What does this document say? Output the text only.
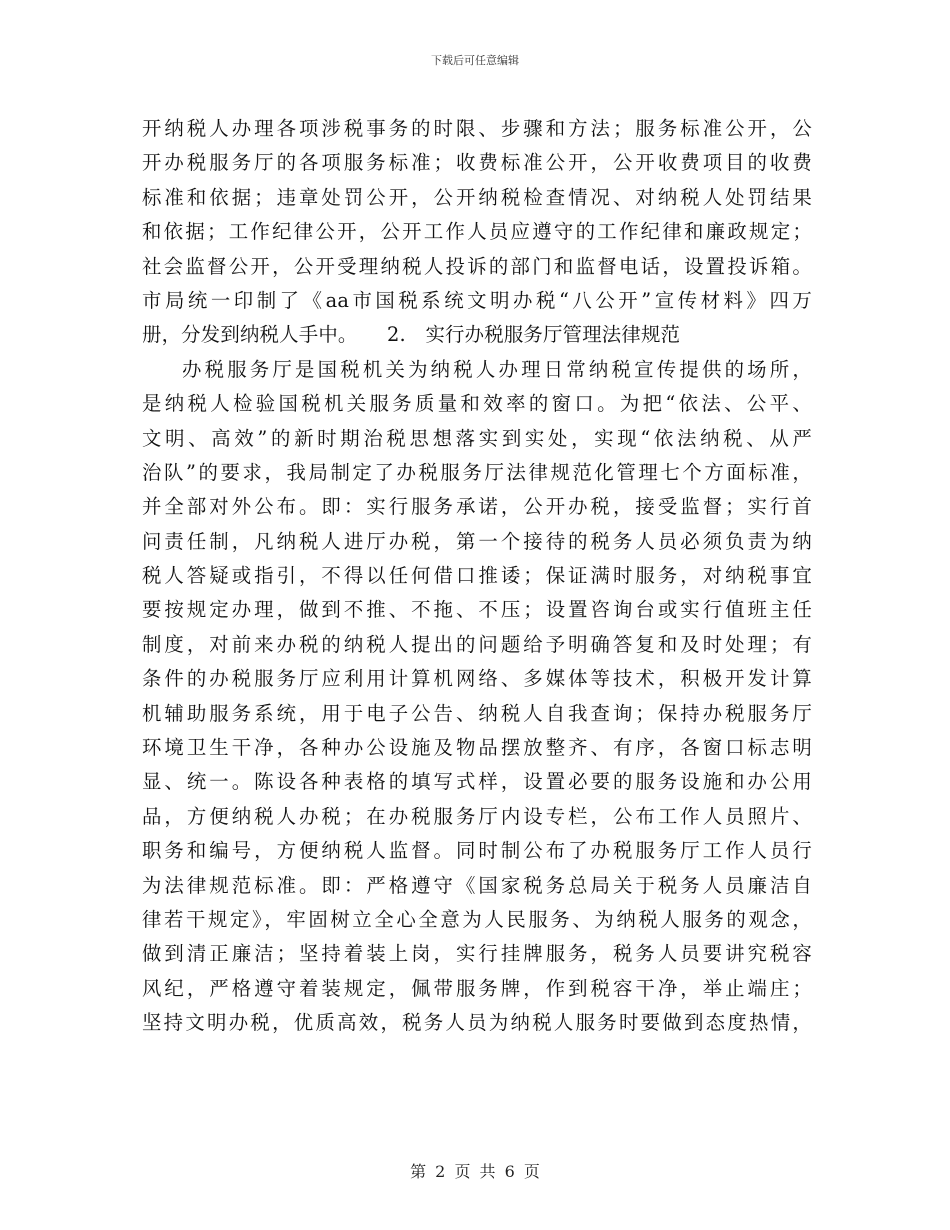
下载后可任意编辑
开纳税人办理各项涉税事务的时限、步骤和方法；服务标准公开，公
开办税服务厅的各项服务标准；收费标准公开，公开收费项目的收费
标准和依据；违章处罚公开，公开纳税检查情况、对纳税人处罚结果
和依据；工作纪律公开，公开工作人员应遵守的工作纪律和廉政规定；
社会监督公开，公开受理纳税人投诉的部门和监督电话，设置投诉箱。
市局统一印制了《aa市国税系统文明办税“八公开”宣传材料》四万
册，分发到纳税人手中。　　2.　实行办税服务厅管理法律规范
办税服务厅是国税机关为纳税人办理日常纳税宣传提供的场所，
是纳税人检验国税机关服务质量和效率的窗口。为把“依法、公平、
文明、高效”的新时期治税思想落实到实处，实现“依法纳税、从严
治队”的要求，我局制定了办税服务厅法律规范化管理七个方面标准，
并全部对外公布。即：实行服务承诺，公开办税，接受监督；实行首
问责任制，凡纳税人进厅办税，第一个接待的税务人员必须负责为纳
税人答疑或指引，不得以任何借口推诿；保证满时服务，对纳税事宜
要按规定办理，做到不推、不拖、不压；设置咨询台或实行值班主任
制度，对前来办税的纳税人提出的问题给予明确答复和及时处理；有
条件的办税服务厅应利用计算机网络、多媒体等技术，积极开发计算
机辅助服务系统，用于电子公告、纳税人自我查询；保持办税服务厅
环境卫生干净，各种办公设施及物品摆放整齐、有序，各窗口标志明
显、统一。陈设各种表格的填写式样，设置必要的服务设施和办公用
品，方便纳税人办税；在办税服务厅内设专栏，公布工作人员照片、
职务和编号，方便纳税人监督。同时制公布了办税服务厅工作人员行
为法律规范标准。即：严格遵守《国家税务总局关于税务人员廉洁自
律若干规定》，牢固树立全心全意为人民服务、为纳税人服务的观念，
做到清正廉洁；坚持着装上岗，实行挂牌服务，税务人员要讲究税容
风纪，严格遵守着装规定，佩带服务牌，作到税容干净，举止端庄；
坚持文明办税，优质高效，税务人员为纳税人服务时要做到态度热情，
第 2 页 共 6 页
